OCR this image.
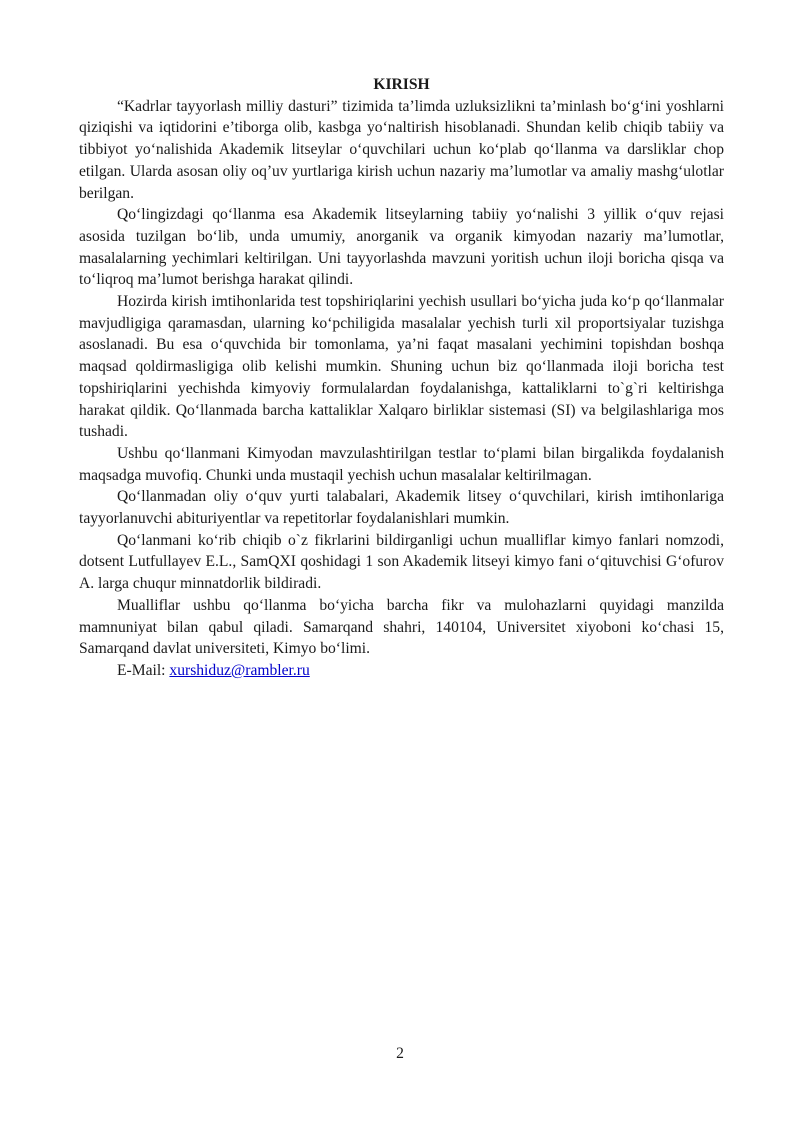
KIRISH

“Kadrlar tayyorlash milliy dasturi” tizimida ta’limda uzluksizlikni ta’minlash bo‘g‘ini yoshlarni qiziqishi va iqtidorini e’tiborga olib, kasbga yo‘naltirish hisoblanadi. Shundan kelib chiqib tabiiy va tibbiyot yo‘nalishida Akademik litseylar o‘quvchilari uchun ko‘plab qo‘llanma va darsliklar chop etilgan. Ularda asosan oliy oq’uv yurtlariga kirish uchun nazariy ma’lumotlar va amaliy mashg‘ulotlar berilgan.

Qo‘lingizdagi qo‘llanma esa Akademik litseylarning tabiiy yo‘nalishi 3 yillik o‘quv rejasi asosida tuzilgan bo‘lib, unda umumiy, anorganik va organik kimyodan nazariy ma’lumotlar, masalalarning yechimlari keltirilgan. Uni tayyorlashda mavzuni yoritish uchun iloji boricha qisqa va to‘liqroq ma’lumot berishga harakat qilindi.

Hozirda kirish imtihonlarida test topshiriqlarini yechish usullari bo‘yicha juda ko‘p qo‘llanmalar mavjudligiga qaramasdan, ularning ko‘pchiligida masalalar yechish turli xil proportsiyalar tuzishga asoslanadi. Bu esa o‘quvchida bir tomonlama, ya’ni faqat masalani yechimini topishdan boshqa maqsad qoldirmasligiga olib kelishi mumkin. Shuning uchun biz qo‘llanmada iloji boricha test topshiriqlarini yechishda kimyoviy formulalardan foydalanishga, kattaliklarni to`g`ri keltirishga harakat qildik. Qo‘llanmada barcha kattaliklar Xalqaro birliklar sistemasi (SI) va belgilashlariga mos tushadi.

Ushbu qo‘llanmani Kimyodan mavzulashtirilgan testlar to‘plami bilan birgalikda foydalanish maqsadga muvofiq. Chunki unda mustaqil yechish uchun masalalar keltirilmagan.

Qo‘llanmadan oliy o‘quv yurti talabalari, Akademik litsey o‘quvchilari, kirish imtihonlariga tayyorlanuvchi abituriyentlar va repetitorlar foydalanishlari mumkin.

Qo‘lanmani ko‘rib chiqib o`z fikrlarini bildirganligi uchun mualliflar kimyo fanlari nomzodi, dotsent Lutfullayev E.L., SamQXI qoshidagi 1 son Akademik litseyi kimyo fani o‘qituvchisi G‘ofurov A. larga chuqur minnatdorlik bildiradi.

Mualliflar ushbu qo‘llanma bo‘yicha barcha fikr va mulohazlarni quyidagi manzilda mamnuniyat bilan qabul qiladi. Samarqand shahri, 140104, Universitet xiyoboni ko‘chasi 15, Samarqand davlat universiteti, Kimyo bo‘limi.

E-Mail: xurshiduz@rambler.ru

2
